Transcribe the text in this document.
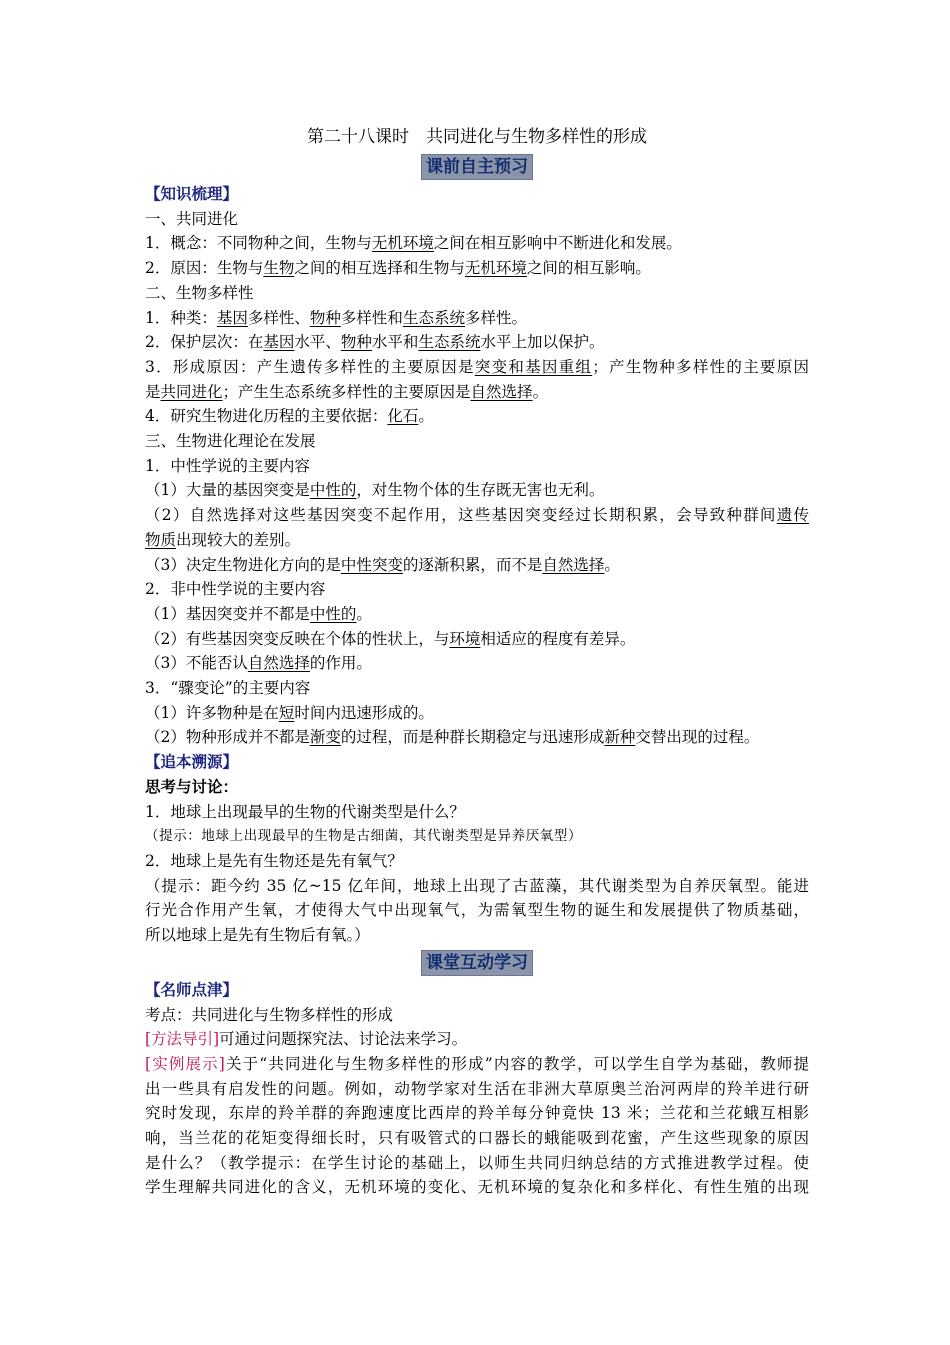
第二十八课时　共同进化与生物多样性的形成
课前自主预习
【知识梳理】
一、共同进化
1．概念：不同物种之间，生物与无机环境之间在相互影响中不断进化和发展。
2．原因：生物与生物之间的相互选择和生物与无机环境之间的相互影响。
二、生物多样性
1．种类：基因多样性、物种多样性和生态系统多样性。
2．保护层次：在基因水平、物种水平和生态系统水平上加以保护。
3．形成原因：产生遗传多样性的主要原因是突变和基因重组；产生物种多样性的主要原因
是共同进化；产生生态系统多样性的主要原因是自然选择。
4．研究生物进化历程的主要依据：化石。
三、生物进化理论在发展
1．中性学说的主要内容
（1）大量的基因突变是中性的，对生物个体的生存既无害也无利。
（2）自然选择对这些基因突变不起作用，这些基因突变经过长期积累，会导致种群间遗传
物质出现较大的差别。
（3）决定生物进化方向的是中性突变的逐渐积累，而不是自然选择。
2．非中性学说的主要内容
（1）基因突变并不都是中性的。
（2）有些基因突变反映在个体的性状上，与环境相适应的程度有差异。
（3）不能否认自然选择的作用。
3．“骤变论”的主要内容
（1）许多物种是在短时间内迅速形成的。
（2）物种形成并不都是渐变的过程，而是种群长期稳定与迅速形成新种交替出现的过程。
【追本溯源】
思考与讨论：
1．地球上出现最早的生物的代谢类型是什么？
（提示：地球上出现最早的生物是古细菌，其代谢类型是异养厌氧型）
2．地球上是先有生物还是先有氧气？
（提示：距今约 35 亿~15 亿年间，地球上出现了古蓝藻，其代谢类型为自养厌氧型。能进
行光合作用产生氧，才使得大气中出现氧气，为需氧型生物的诞生和发展提供了物质基础，
所以地球上是先有生物后有氧。）
课堂互动学习
【名师点津】
考点：共同进化与生物多样性的形成
[方法导引]可通过问题探究法、讨论法来学习。
[实例展示]关于“共同进化与生物多样性的形成”内容的教学，可以学生自学为基础，教师提
出一些具有启发性的问题。例如，动物学家对生活在非洲大草原奥兰治河两岸的羚羊进行研
究时发现，东岸的羚羊群的奔跑速度比西岸的羚羊每分钟竟快 13 米；兰花和兰花蛾互相影
响，当兰花的花矩变得细长时，只有吸管式的口器长的蛾能吸到花蜜，产生这些现象的原因
是什么？（教学提示：在学生讨论的基础上，以师生共同归纳总结的方式推进教学过程。使
学生理解共同进化的含义，无机环境的变化、无机环境的复杂化和多样化、有性生殖的出现
